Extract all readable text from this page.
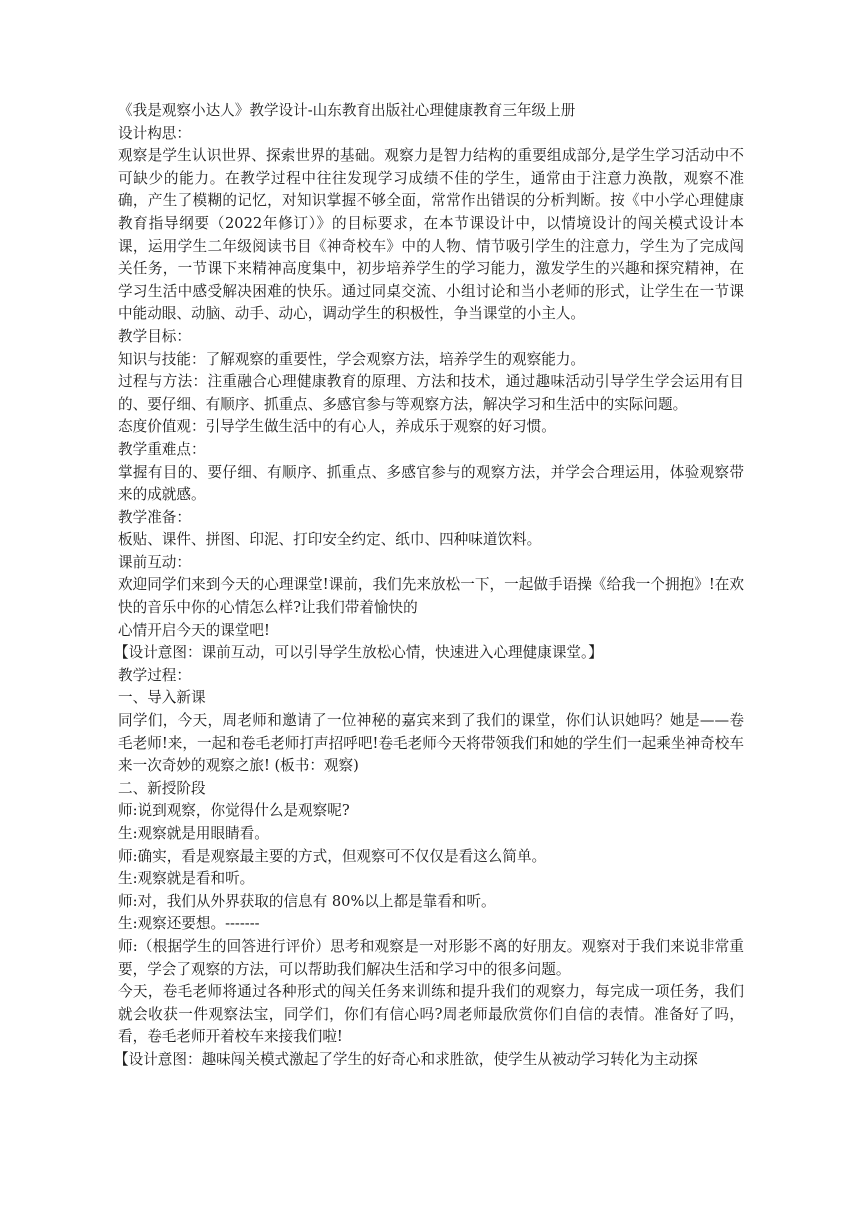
《我是观察小达人》教学设计-山东教育出版社心理健康教育三年级上册

设计构思：

观察是学生认识世界、探索世界的基础。观察力是智力结构的重要组成部分,是学生学习活动中不可缺少的能力。在教学过程中往往发现学习成绩不佳的学生，通常由于注意力涣散，观察不准确，产生了模糊的记忆，对知识掌握不够全面，常常作出错误的分析判断。按《中小学心理健康教育指导纲要（2022年修订）》的目标要求，在本节课设计中，以情境设计的闯关模式设计本课，运用学生二年级阅读书目《神奇校车》中的人物、情节吸引学生的注意力，学生为了完成闯关任务，一节课下来精神高度集中，初步培养学生的学习能力，激发学生的兴趣和探究精神，在学习生活中感受解决困难的快乐。通过同桌交流、小组讨论和当小老师的形式，让学生在一节课中能动眼、动脑、动手、动心，调动学生的积极性，争当课堂的小主人。

教学目标：

知识与技能：了解观察的重要性，学会观察方法，培养学生的观察能力。

过程与方法：注重融合心理健康教育的原理、方法和技术，通过趣味活动引导学生学会运用有目的、要仔细、有顺序、抓重点、多感官参与等观察方法，解决学习和生活中的实际问题。

态度价值观：引导学生做生活中的有心人，养成乐于观察的好习惯。

教学重难点：

掌握有目的、要仔细、有顺序、抓重点、多感官参与的观察方法，并学会合理运用，体验观察带来的成就感。

教学准备：

板贴、课件、拼图、印泥、打印安全约定、纸巾、四种味道饮料。

课前互动：

欢迎同学们来到今天的心理课堂!课前，我们先来放松一下，一起做手语操《给我一个拥抱》!在欢快的音乐中你的心情怎么样?让我们带着愉快的

心情开启今天的课堂吧!

【设计意图：课前互动，可以引导学生放松心情，快速进入心理健康课堂。】

教学过程：

一、导入新课

同学们，今天，周老师和邀请了一位神秘的嘉宾来到了我们的课堂，你们认识她吗？她是——卷毛老师!来，一起和卷毛老师打声招呼吧!卷毛老师今天将带领我们和她的学生们一起乘坐神奇校车来一次奇妙的观察之旅! (板书：观察)

二、新授阶段

师:说到观察，你觉得什么是观察呢?

生:观察就是用眼睛看。

师:确实，看是观察最主要的方式，但观察可不仅仅是看这么简单。

生:观察就是看和听。

师:对，我们从外界获取的信息有 80%以上都是靠看和听。

生:观察还要想。-------

师:（根据学生的回答进行评价）思考和观察是一对形影不离的好朋友。观察对于我们来说非常重要，学会了观察的方法，可以帮助我们解决生活和学习中的很多问题。

今天，卷毛老师将通过各种形式的闯关任务来训练和提升我们的观察力，每完成一项任务，我们就会收获一件观察法宝，同学们，你们有信心吗?周老师最欣赏你们自信的表情。准备好了吗，看，卷毛老师开着校车来接我们啦!

【设计意图：趣味闯关模式激起了学生的好奇心和求胜欲，使学生从被动学习转化为主动探
